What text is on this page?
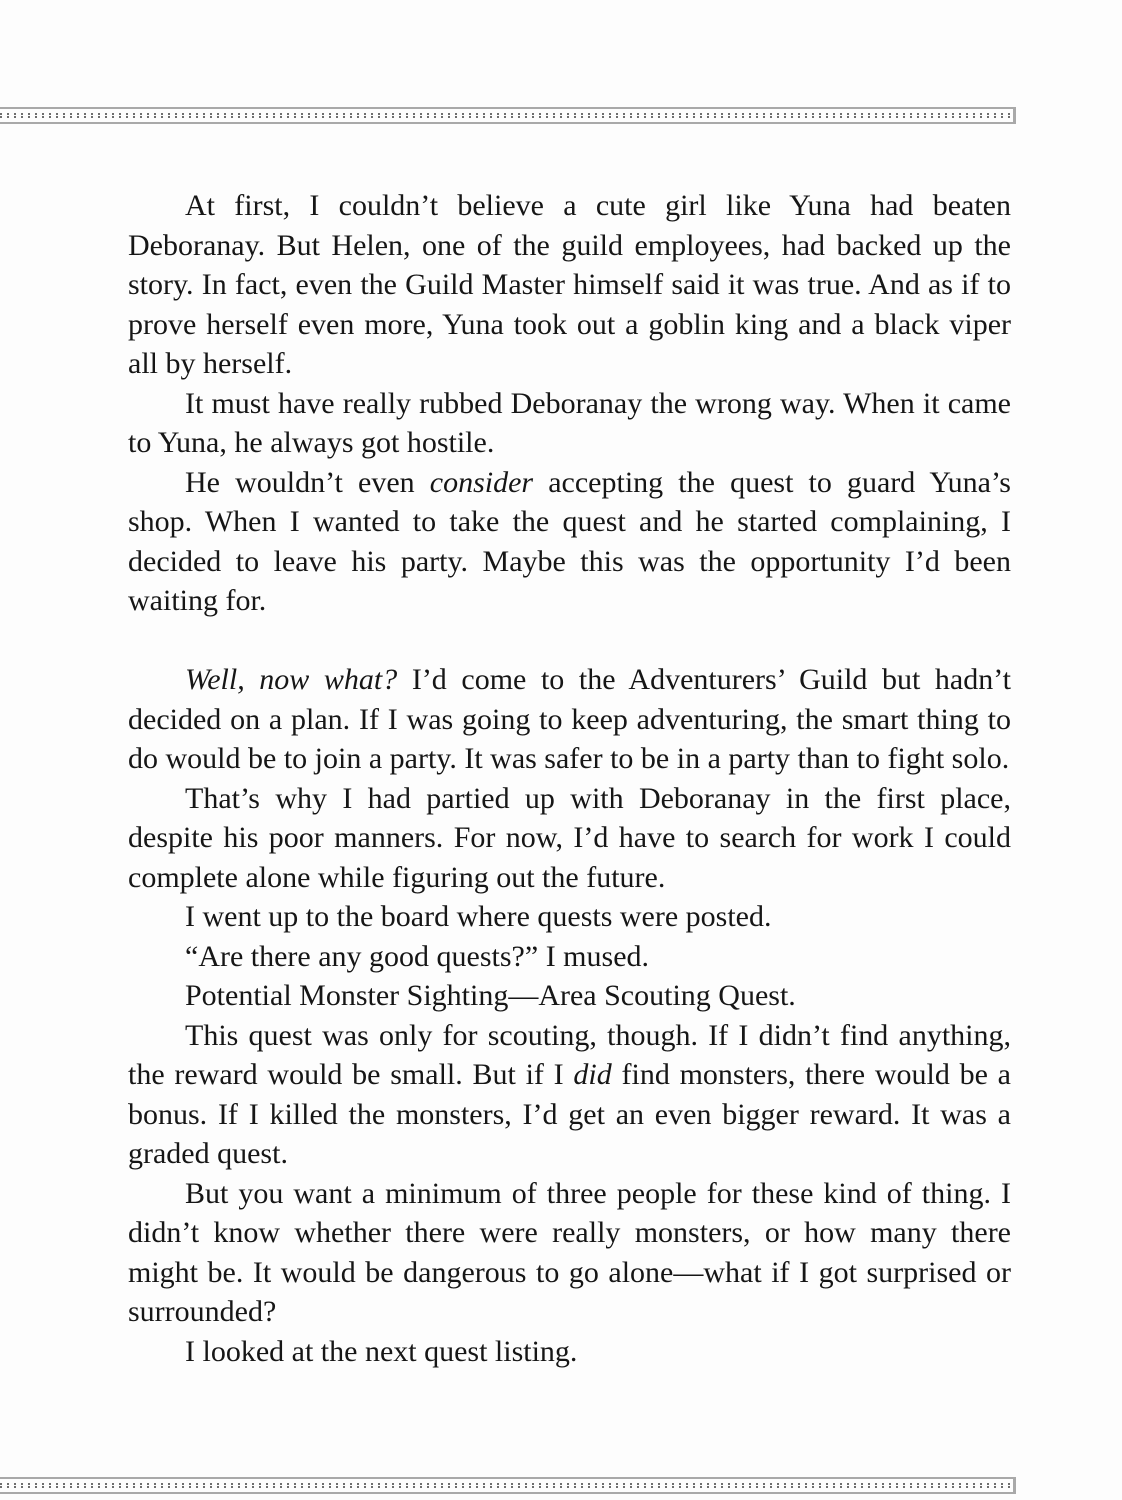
At first, I couldn’t believe a cute girl like Yuna had beaten Deboranay. But Helen, one of the guild employees, had backed up the story. In fact, even the Guild Master himself said it was true. And as if to prove herself even more, Yuna took out a goblin king and a black viper all by herself.

It must have really rubbed Deboranay the wrong way. When it came to Yuna, he always got hostile.

He wouldn’t even consider accepting the quest to guard Yuna’s shop. When I wanted to take the quest and he started complaining, I decided to leave his party. Maybe this was the opportunity I’d been waiting for.

Well, now what? I’d come to the Adventurers’ Guild but hadn’t decided on a plan. If I was going to keep adventuring, the smart thing to do would be to join a party. It was safer to be in a party than to fight solo.

That’s why I had partied up with Deboranay in the first place, despite his poor manners. For now, I’d have to search for work I could complete alone while figuring out the future.

I went up to the board where quests were posted.

“Are there any good quests?” I mused.

Potential Monster Sighting—Area Scouting Quest.

This quest was only for scouting, though. If I didn’t find anything, the reward would be small. But if I did find monsters, there would be a bonus. If I killed the monsters, I’d get an even bigger reward. It was a graded quest.

But you want a minimum of three people for these kind of thing. I didn’t know whether there were really monsters, or how many there might be. It would be dangerous to go alone—what if I got surprised or surrounded?

I looked at the next quest listing.
